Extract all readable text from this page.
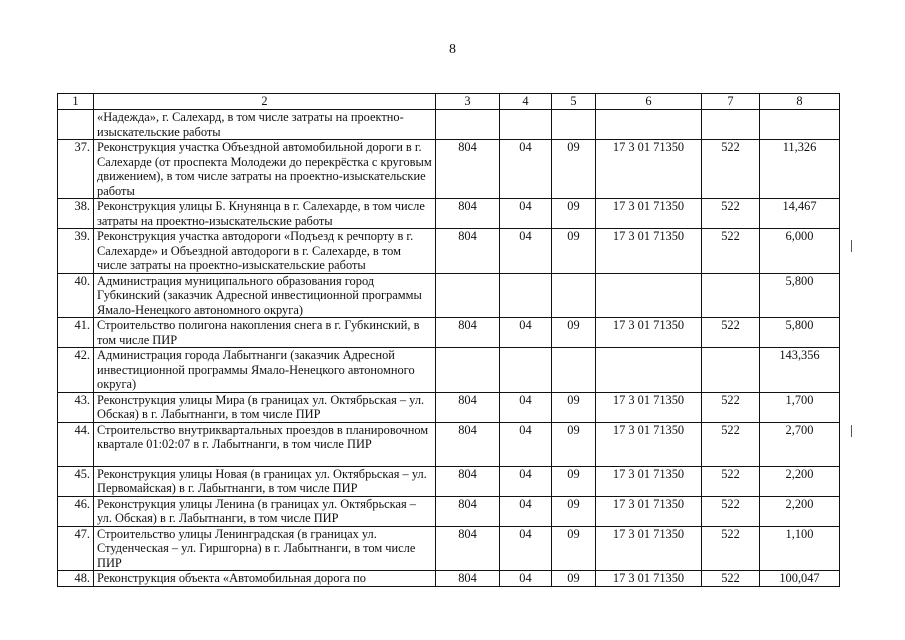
8
1	2	3	4	5	6	7	8
	«Надежда», г. Салехард, в том числе затраты на проектно-изыскательские работы						
37.	Реконструкция участка Объездной автомобильной дороги в г. Салехарде (от проспекта Молодежи до перекрёстка с круговым движением), в том числе затраты на проектно-изыскательские работы	804	04	09	17 3 01 71350	522	11,326
38.	Реконструкция улицы Б. Кнунянца в г. Салехарде, в том числе затраты на проектно-изыскательские работы	804	04	09	17 3 01 71350	522	14,467
39.	Реконструкция участка автодороги «Подъезд к речпорту в г. Салехарде» и Объездной автодороги в г. Салехарде, в том числе затраты на проектно-изыскательские работы	804	04	09	17 3 01 71350	522	6,000
40.	Администрация муниципального образования город Губкинский (заказчик Адресной инвестиционной программы Ямало-Ненецкого автономного округа)						5,800
41.	Строительство полигона накопления снега в г. Губкинский, в том числе ПИР	804	04	09	17 3 01 71350	522	5,800
42.	Администрация города Лабытнанги (заказчик Адресной инвестиционной программы Ямало-Ненецкого автономного округа)						143,356
43.	Реконструкция улицы Мира (в границах ул. Октябрьская – ул. Обская) в г. Лабытнанги, в том числе ПИР	804	04	09	17 3 01 71350	522	1,700
44.	Строительство внутриквартальных проездов в планировочном квартале 01:02:07 в г. Лабытнанги, в том числе ПИР	804	04	09	17 3 01 71350	522	2,700
45.	Реконструкция улицы Новая (в границах ул. Октябрьская – ул. Первомайская) в г. Лабытнанги, в том числе ПИР	804	04	09	17 3 01 71350	522	2,200
46.	Реконструкция улицы Ленина (в границах ул. Октябрьская – ул. Обская) в г. Лабытнанги, в том числе ПИР	804	04	09	17 3 01 71350	522	2,200
47.	Строительство улицы Ленинградская (в границах ул. Студенческая – ул. Гиршгорна) в г. Лабытнанги, в том числе ПИР	804	04	09	17 3 01 71350	522	1,100
48.	Реконструкция объекта «Автомобильная дорога по	804	04	09	17 3 01 71350	522	100,047
